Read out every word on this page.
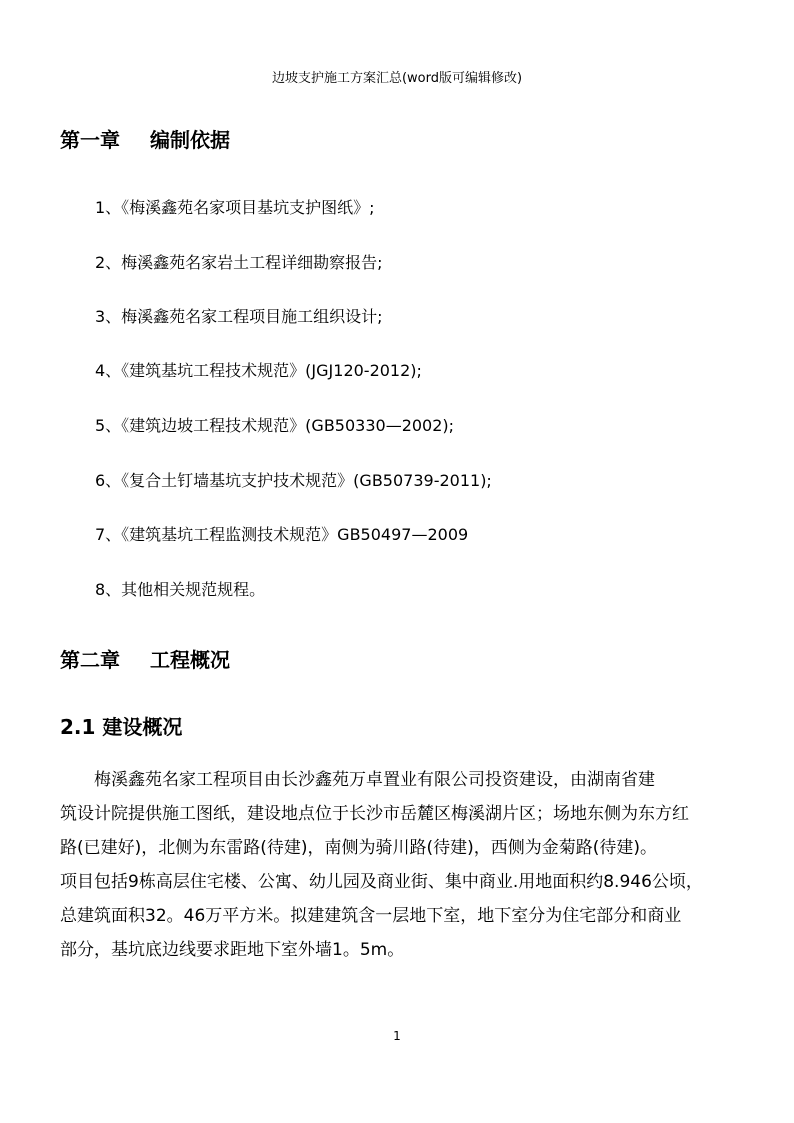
边坡支护施工方案汇总(word版可编辑修改)
第一章 编制依据
1、《梅溪鑫苑名家项目基坑支护图纸》;
2、梅溪鑫苑名家岩土工程详细勘察报告;
3、梅溪鑫苑名家工程项目施工组织设计;
4、《建筑基坑工程技术规范》(JGJ120-2012);
5、《建筑边坡工程技术规范》(GB50330—2002);
6、《复合土钉墙基坑支护技术规范》(GB50739-2011);
7、《建筑基坑工程监测技术规范》GB50497—2009
8、其他相关规范规程。
第二章 工程概况
2.1 建设概况
　　梅溪鑫苑名家工程项目由长沙鑫苑万卓置业有限公司投资建设，由湖南省建
筑设计院提供施工图纸，建设地点位于长沙市岳麓区梅溪湖片区；场地东侧为东方红
路(已建好)，北侧为东雷路(待建)，南侧为骑川路(待建)，西侧为金菊路(待建)。
项目包括9栋高层住宅楼、公寓、幼儿园及商业街、集中商业.用地面积约8.946公顷，
总建筑面积32。46万平方米。拟建建筑含一层地下室，地下室分为住宅部分和商业
部分，基坑底边线要求距地下室外墙1。5m。
1
